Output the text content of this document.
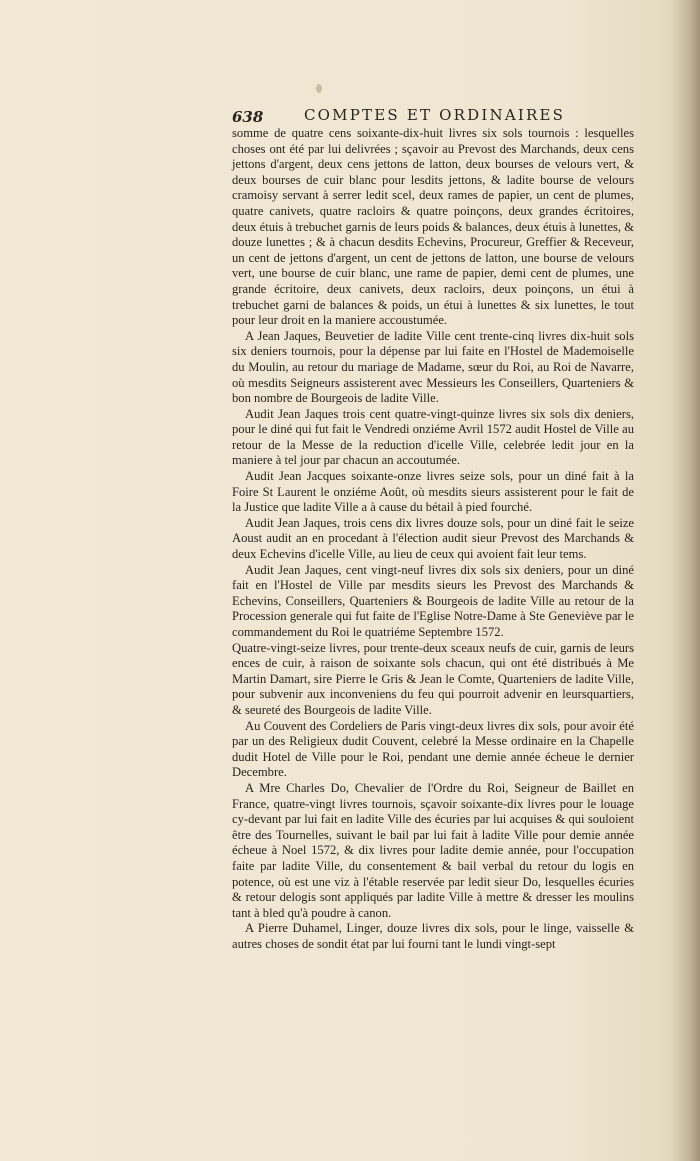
638	COMPTES ET ORDINAIRES

somme de quatre cens soixante-dix-huit livres six sols tournois : lesquelles choses ont été par lui delivrées ; sçavoir au Prevost des Marchands, deux cens jettons d'argent, deux cens jettons de latton, deux bourses de velours vert, & deux bourses de cuir blanc pour lesdits jettons, & ladite bourse de velours cramoisy servant à serrer ledit scel, deux rames de papier, un cent de plumes, quatre canivets, quatre racloirs & quatre poinçons, deux grandes écritoires, deux étuis à trebuchet garnis de leurs poids & balances, deux étuis à lunettes, & douze lunettes ; & à chacun desdits Echevins, Procureur, Greffier & Receveur, un cent de jettons d'argent, un cent de jettons de latton, une bourse de velours vert, une bourse de cuir blanc, une rame de papier, demi cent de plumes, une grande écritoire, deux canivets, deux racloirs, deux poinçons, un étui à trebuchet garni de balances & poids, un étui à lunettes & six lunettes, le tout pour leur droit en la maniere accoustumée.

A Jean Jaques, Beuvetier de ladite Ville cent trente-cinq livres dix-huit sols six deniers tournois, pour la dépense par lui faite en l'Hostel de Mademoiselle du Moulin, au retour du mariage de Madame, sœur du Roi, au Roi de Navarre, où mesdits Seigneurs assisterent avec Messieurs les Conseillers, Quarteniers & bon nombre de Bourgeois de ladite Ville.

Audit Jean Jaques trois cent quatre-vingt-quinze livres six sols dix deniers, pour le diné qui fut fait le Vendredi onziéme Avril 1572 audit Hostel de Ville au retour de la Messe de la reduction d'icelle Ville, celebrée ledit jour en la maniere à tel jour par chacun an accoutumée.

Audit Jean Jacques soixante-onze livres seize sols, pour un diné fait à la Foire St Laurent le onziéme Août, où mesdits sieurs assisterent pour le fait de la Justice que ladite Ville a à cause du bétail à pied fourché.

Audit Jean Jaques, trois cens dix livres douze sols, pour un diné fait le seize Aoust audit an en procedant à l'élection audit sieur Prevost des Marchands & deux Echevins d'icelle Ville, au lieu de ceux qui avoient fait leur tems.

Audit Jean Jaques, cent vingt-neuf livres dix sols six deniers, pour un diné fait en l'Hostel de Ville par mesdits sieurs les Prevost des Marchands & Echevins, Conseillers, Quarteniers & Bourgeois de ladite Ville au retour de la Procession generale qui fut faite de l'Eglise Notre-Dame à Ste Geneviève par le commandement du Roi le quatriéme Septembre 1572.

Quatre-vingt-seize livres, pour trente-deux sceaux neufs de cuir, garnis de leurs ences de cuir, à raison de soixante sols chacun, qui ont été distribués à Me Martin Damart, sire Pierre le Gris & Jean le Comte, Quarteniers de ladite Ville, pour subvenir aux inconveniens du feu qui pourroit advenir en leursquartiers, & seureté des Bourgeois de ladite Ville.

Au Couvent des Cordeliers de Paris vingt-deux livres dix sols, pour avoir été par un des Religieux dudit Couvent, celebré la Messe ordinaire en la Chapelle dudit Hotel de Ville pour le Roi, pendant une demie année écheue le dernier Decembre.

A Mre Charles Do, Chevalier de l'Ordre du Roi, Seigneur de Baillet en France, quatre-vingt livres tournois, sçavoir soixante-dix livres pour le louage cy-devant par lui fait en ladite Ville des écuries par lui acquises & qui souloient être des Tournelles, suivant le bail par lui fait à ladite Ville pour demie année écheue à Noel 1572, & dix livres pour ladite demie année, pour l'occupation faite par ladite Ville, du consentement & bail verbal du retour du logis en potence, où est une viz à l'étable reservée par ledit sieur Do, lesquelles écuries & retour delogis sont appliqués par ladite Ville à mettre & dresser les moulins tant à bled qu'à poudre à canon.

A Pierre Duhamel, Linger, douze livres dix sols, pour le linge, vaisselle & autres choses de sondit état par lui fourni tant le lundi vingt-sept
